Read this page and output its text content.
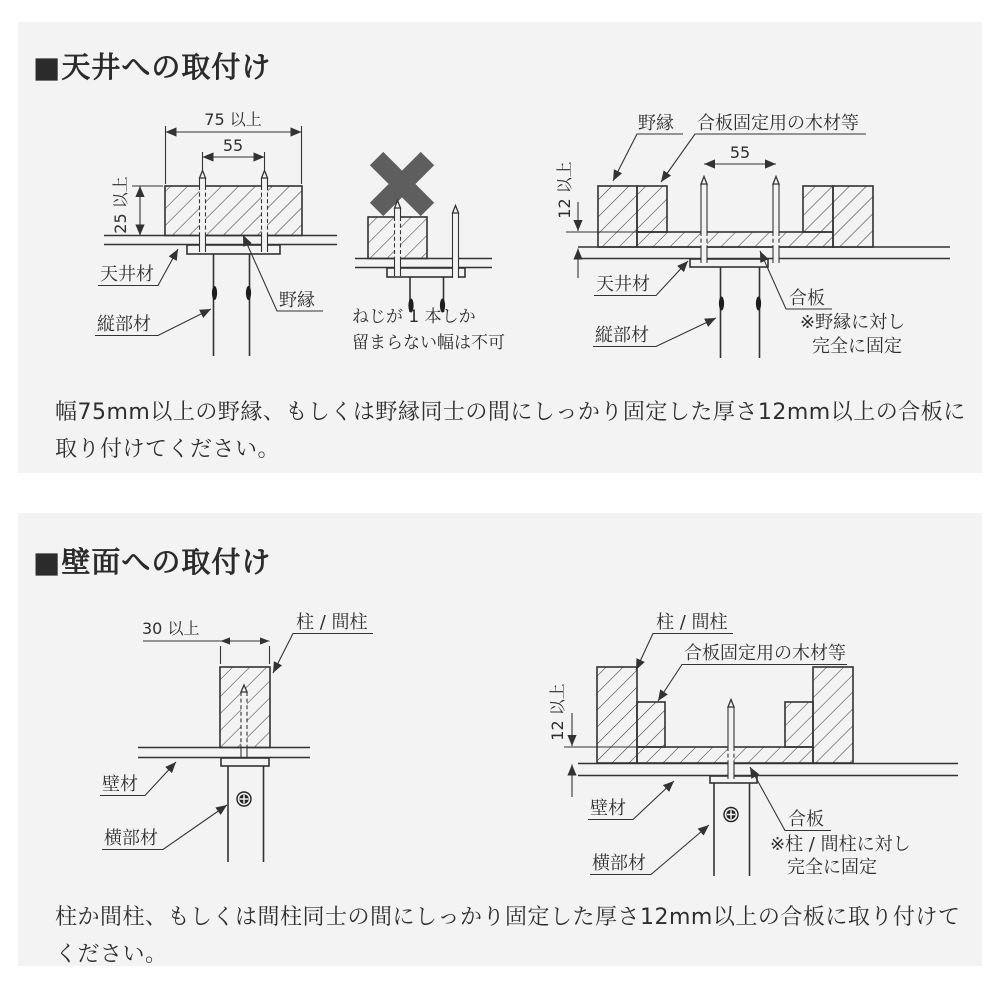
■天井への取付け
■壁面への取付け
幅75mm以上の野縁、もしくは野縁同士の間にしっかり固定した厚さ12mm以上の合板に
取り付けてください。
柱か間柱、もしくは間柱同士の間にしっかり固定した厚さ12mm以上の合板に取り付けて
ください。
75 以上
55
25 以上
天井材
野縁
縦部材	ねじが 1 本しか
留まらない幅は不可
12 以上
55
野縁 合板固定用の木材等
天井材
縦部材
合板
※野縁に対し
完全に固定
30 以上	柱 / 間柱
壁材
横部材
12 以上
柱 / 間柱
合板固定用の木材等
壁材
横部材
合板
※柱 / 間柱に対し
完全に固定
